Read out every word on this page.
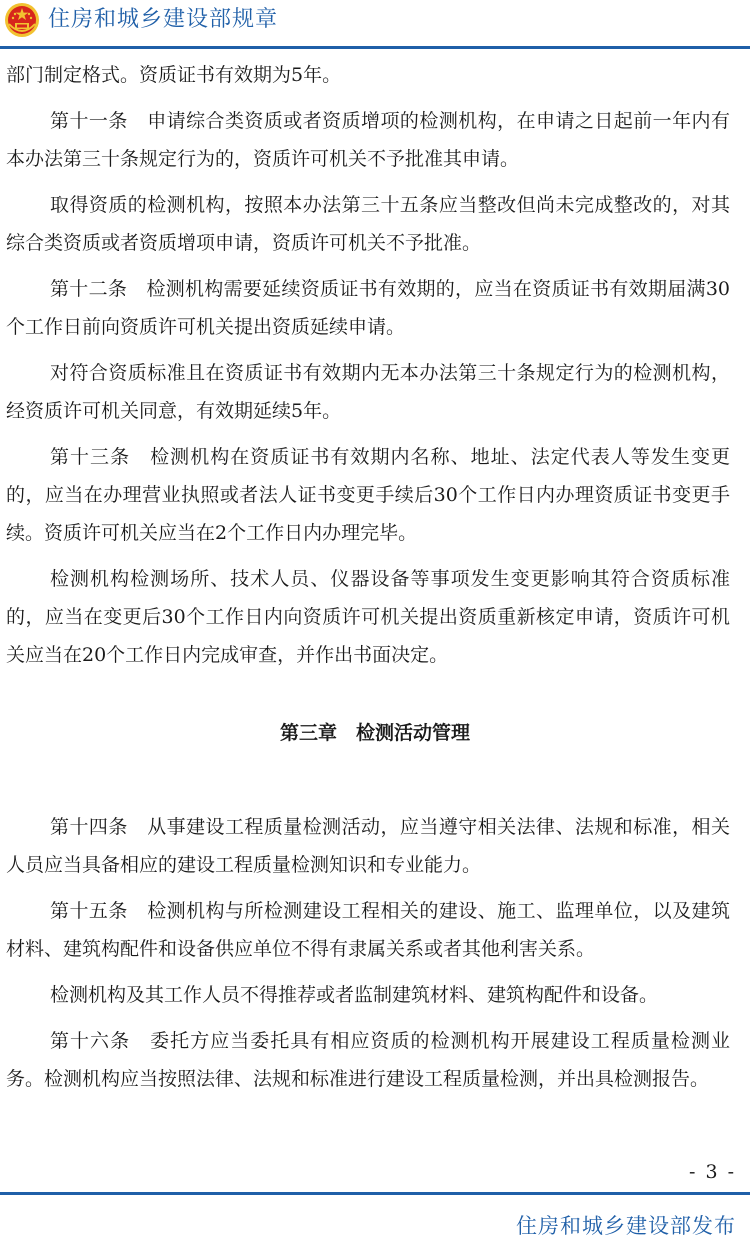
住房和城乡建设部规章

部门制定格式。资质证书有效期为5年。

第十一条　申请综合类资质或者资质增项的检测机构，在申请之日起前一年内有本办法第三十条规定行为的，资质许可机关不予批准其申请。

取得资质的检测机构，按照本办法第三十五条应当整改但尚未完成整改的，对其综合类资质或者资质增项申请，资质许可机关不予批准。

第十二条　检测机构需要延续资质证书有效期的，应当在资质证书有效期届满30个工作日前向资质许可机关提出资质延续申请。

对符合资质标准且在资质证书有效期内无本办法第三十条规定行为的检测机构，经资质许可机关同意，有效期延续5年。

第十三条　检测机构在资质证书有效期内名称、地址、法定代表人等发生变更的，应当在办理营业执照或者法人证书变更手续后30个工作日内办理资质证书变更手续。资质许可机关应当在2个工作日内办理完毕。

检测机构检测场所、技术人员、仪器设备等事项发生变更影响其符合资质标准的，应当在变更后30个工作日内向资质许可机关提出资质重新核定申请，资质许可机关应当在20个工作日内完成审查，并作出书面决定。

第三章　检测活动管理

第十四条　从事建设工程质量检测活动，应当遵守相关法律、法规和标准，相关人员应当具备相应的建设工程质量检测知识和专业能力。

第十五条　检测机构与所检测建设工程相关的建设、施工、监理单位，以及建筑材料、建筑构配件和设备供应单位不得有隶属关系或者其他利害关系。

检测机构及其工作人员不得推荐或者监制建筑材料、建筑构配件和设备。

第十六条　委托方应当委托具有相应资质的检测机构开展建设工程质量检测业务。检测机构应当按照法律、法规和标准进行建设工程质量检测，并出具检测报告。

- 3 -
住房和城乡建设部发布
